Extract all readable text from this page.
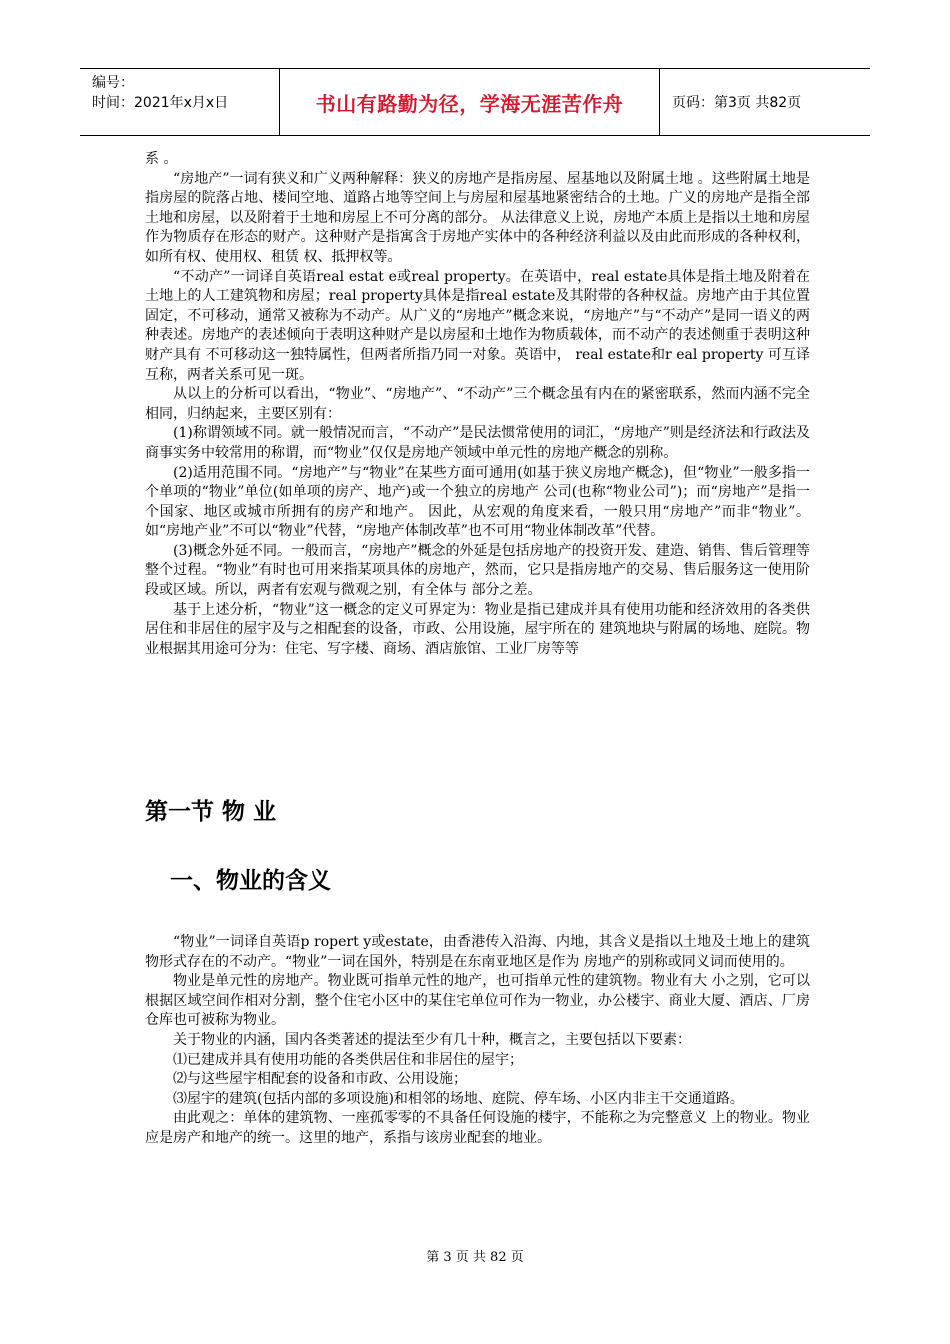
编号：
时间：2021年x月x日	书山有路勤为径，学海无涯苦作舟	页码：第3页 共82页

系 。

“房地产”一词有狭义和广义两种解释：狭义的房地产是指房屋、屋基地以及附属土地 。这些附属土地是指房屋的院落占地、楼间空地、道路占地等空间上与房屋和屋基地紧密结合的土地。广义的房地产是指全部土地和房屋，以及附着于土地和房屋上不可分离的部分。 从法律意义上说，房地产本质上是指以土地和房屋作为物质存在形态的财产。这种财产是指寓含于房地产实体中的各种经济利益以及由此而形成的各种权利，如所有权、使用权、租赁 权、抵押权等。

“不动产”一词译自英语real estat e或real property。在英语中，real estate具体是指土地及附着在土地上的人工建筑物和房屋；real property具体是指real estate及其附带的各种权益。房地产由于其位置固定，不可移动，通常又被称为不动产。从广义的“房地产”概念来说，“房地产”与“不动产”是同一语义的两种表述。房地产的表述倾向于表明这种财产是以房屋和土地作为物质载体，而不动产的表述侧重于表明这种财产具有 不可移动这一独特属性，但两者所指乃同一对象。英语中， real estate和r eal property 可互译互称，两者关系可见一斑。

从以上的分析可以看出，“物业”、“房地产”、“不动产”三个概念虽有内在的紧密联系，然而内涵不完全相同，归纳起来，主要区别有：

(1)称谓领域不同。就一般情况而言，“不动产”是民法惯常使用的词汇，“房地产”则是经济法和行政法及商事实务中较常用的称谓，而“物业”仅仅是房地产领域中单元性的房地产概念的别称。

(2)适用范围不同。“房地产”与“物业”在某些方面可通用(如基于狭义房地产概念)，但“物业”一般多指一个单项的“物业”单位(如单项的房产、地产)或一个独立的房地产 公司(也称“物业公司”)；而“房地产”是指一个国家、地区或城市所拥有的房产和地产。 因此，从宏观的角度来看，一般只用“房地产”而非“物业”。如“房地产业”不可以“物业”代替，“房地产体制改革”也不可用“物业体制改革”代替。

(3)概念外延不同。一般而言，“房地产”概念的外延是包括房地产的投资开发、建造、销售、售后管理等整个过程。“物业”有时也可用来指某项具体的房地产，然而，它只是指房地产的交易、售后服务这一使用阶段或区域。所以，两者有宏观与微观之别，有全体与 部分之差。

基于上述分析，“物业”这一概念的定义可界定为：物业是指已建成并具有使用功能和经济效用的各类供居住和非居住的屋宇及与之相配套的设备，市政、公用设施，屋宇所在的 建筑地块与附属的场地、庭院。物业根据其用途可分为：住宅、写字楼、商场、酒店旅馆、工业厂房等等

第一节 物 业
一、物业的含义

“物业”一词译自英语p ropert y或estate，由香港传入沿海、内地，其含义是指以土地及土地上的建筑物形式存在的不动产。“物业”一词在国外，特别是在东南亚地区是作为 房地产的别称或同义词而使用的。

物业是单元性的房地产。物业既可指单元性的地产，也可指单元性的建筑物。物业有大 小之别，它可以根据区域空间作相对分割，整个住宅小区中的某住宅单位可作为一物业，办公楼宇、商业大厦、酒店、厂房仓库也可被称为物业。

关于物业的内涵，国内各类著述的提法至少有几十种，概言之，主要包括以下要素：

⑴已建成并具有使用功能的各类供居住和非居住的屋宇；

⑵与这些屋宇相配套的设备和市政、公用设施；

⑶屋宇的建筑(包括内部的多项设施)和相邻的场地、庭院、停车场、小区内非主干交通道路。

由此观之：单体的建筑物、一座孤零零的不具备任何设施的楼宇，不能称之为完整意义 上的物业。物业应是房产和地产的统一。这里的地产，系指与该房业配套的地业。

第 3 页 共 82 页
